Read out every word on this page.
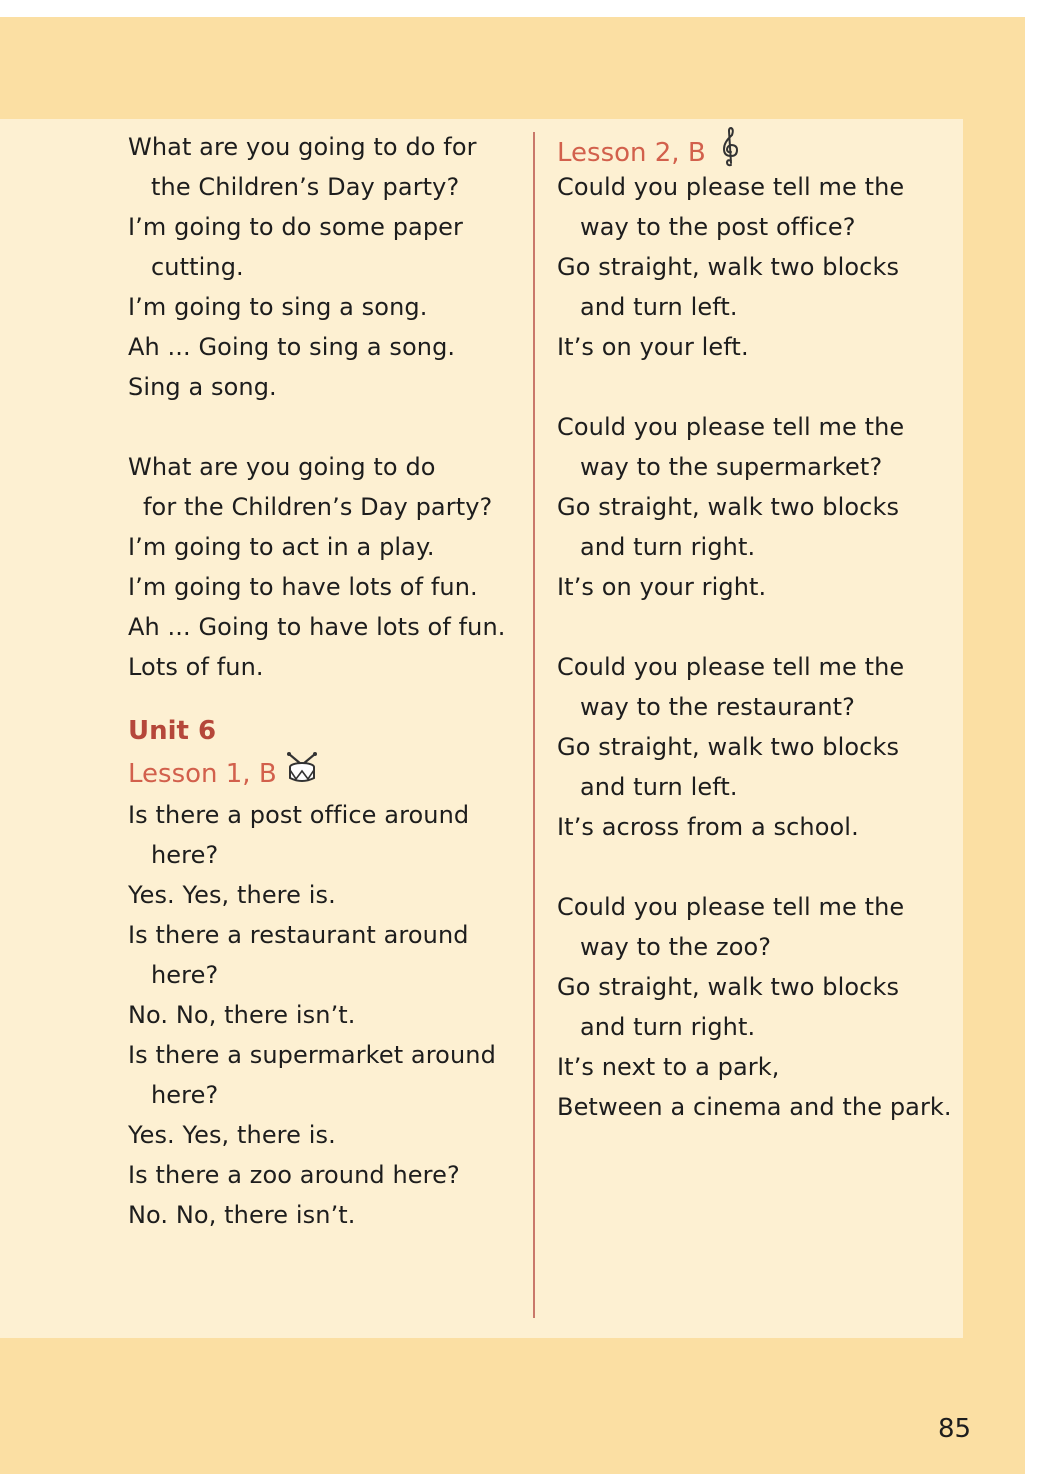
What are you going to do for
the Children’s Day party?
I’m going to do some paper
cutting.
I’m going to sing a song.
Ah ... Going to sing a song.
Sing a song.
What are you going to do
for the Children’s Day party?
I’m going to act in a play.
I’m going to have lots of fun.
Ah ... Going to have lots of fun.
Lots of fun.
Unit 6
Lesson 1, B
Is there a post office around
here?
Yes. Yes, there is.
Is there a restaurant around
here?
No. No, there isn’t.
Is there a supermarket around
here?
Yes. Yes, there is.
Is there a zoo around here?
No. No, there isn’t.
Lesson 2, B
Could you please tell me the
way to the post office?
Go straight, walk two blocks
and turn left.
It’s on your left.
Could you please tell me the
way to the supermarket?
Go straight, walk two blocks
and turn right.
It’s on your right.
Could you please tell me the
way to the restaurant?
Go straight, walk two blocks
and turn left.
It’s across from a school.
Could you please tell me the
way to the zoo?
Go straight, walk two blocks
and turn right.
It’s next to a park,
Between a cinema and the park.
85
